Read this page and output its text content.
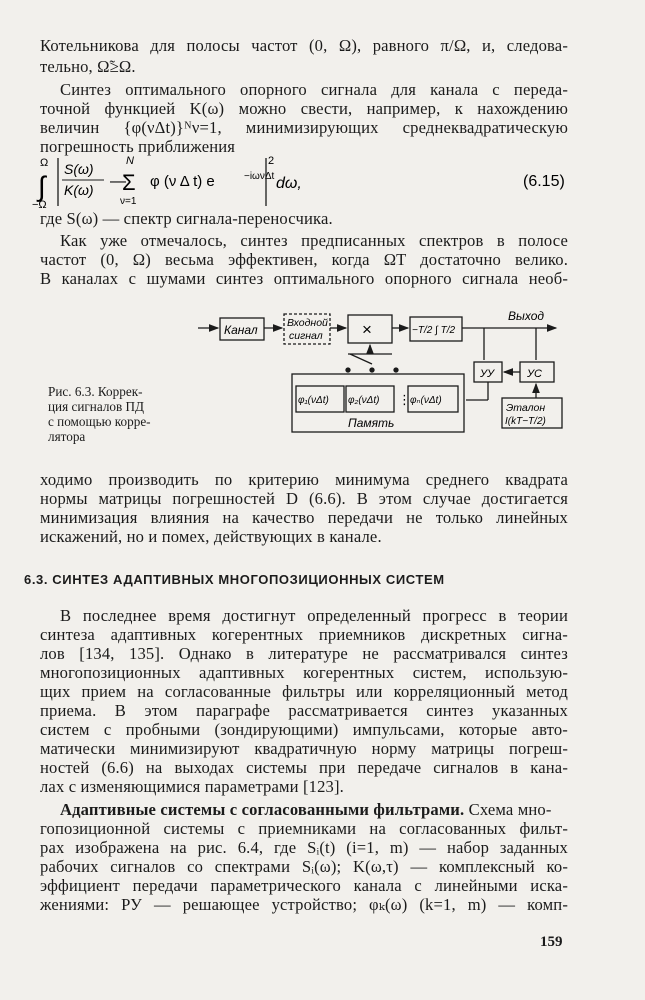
Котельникова для полосы частот (0, Ω), равного π/Ω, и, следова-
тельно, Ω̃≥Ω.
Синтез оптимального опорного сигнала для канала с переда-
точной функцией K(ω) можно свести, например, к нахождению
величин {φ(νΔt)}ᴺν=1, минимизирующих среднеквадратическую
погрешность приближения
Ω
∫
−Ω
S(ω)
K(ω) —
N
Σ
ν=1
φ (ν Δ t) e	−iωνΔt
2
dω,	(6.15)
где S(ω) — спектр сигнала-переносчика.
Как уже отмечалось, синтез предписанных спектров в полосе
частот (0, Ω) весьма эффективен, когда ΩT достаточно велико.
В каналах с шумами синтез оптимального опорного сигнала необ-
Канал	Входной
сигнал ×	−T/2 ∫ T/2
Выход
УУ	УС
Эталон
I(kT−T/2)
φ₁(νΔt) φ₂(νΔt) ⋮ φₙ(νΔt)
Память
Рис. 6.3. Коррек-
ция сигналов ПД
с помощью корре-
лятора
ходимо производить по критерию минимума среднего квадрата
нормы матрицы погрешностей D (6.6). В этом случае достигается
минимизация влияния на качество передачи не только линейных
искажений, но и помех, действующих в канале.
6.3. СИНТЕЗ АДАПТИВНЫХ МНОГОПОЗИЦИОННЫХ СИСТЕМ
В последнее время достигнут определенный прогресс в теории
синтеза адаптивных когерентных приемников дискретных сигна-
лов [134, 135]. Однако в литературе не рассматривался синтез
многопозиционных адаптивных когерентных систем, использую-
щих прием на согласованные фильтры или корреляционный метод
приема. В этом параграфе рассматривается синтез указанных
систем с пробными (зондирующими) импульсами, которые авто-
матически минимизируют квадратичную норму матрицы погреш-
ностей (6.6) на выходах системы при передаче сигналов в кана-
лах с изменяющимися параметрами [123].
Адаптивные системы с согласованными фильтрами. Схема мно-
гопозиционной системы с приемниками на согласованных фильт-
рах изображена на рис. 6.4, где Sᵢ(t) (i=1, m) — набор заданных
рабочих сигналов со спектрами Sᵢ(ω); K(ω,τ) — комплексный ко-
эффициент передачи параметрического канала с линейными иска-
жениями: РУ — решающее устройство; φₖ(ω) (k=1, m) — комп-
159
